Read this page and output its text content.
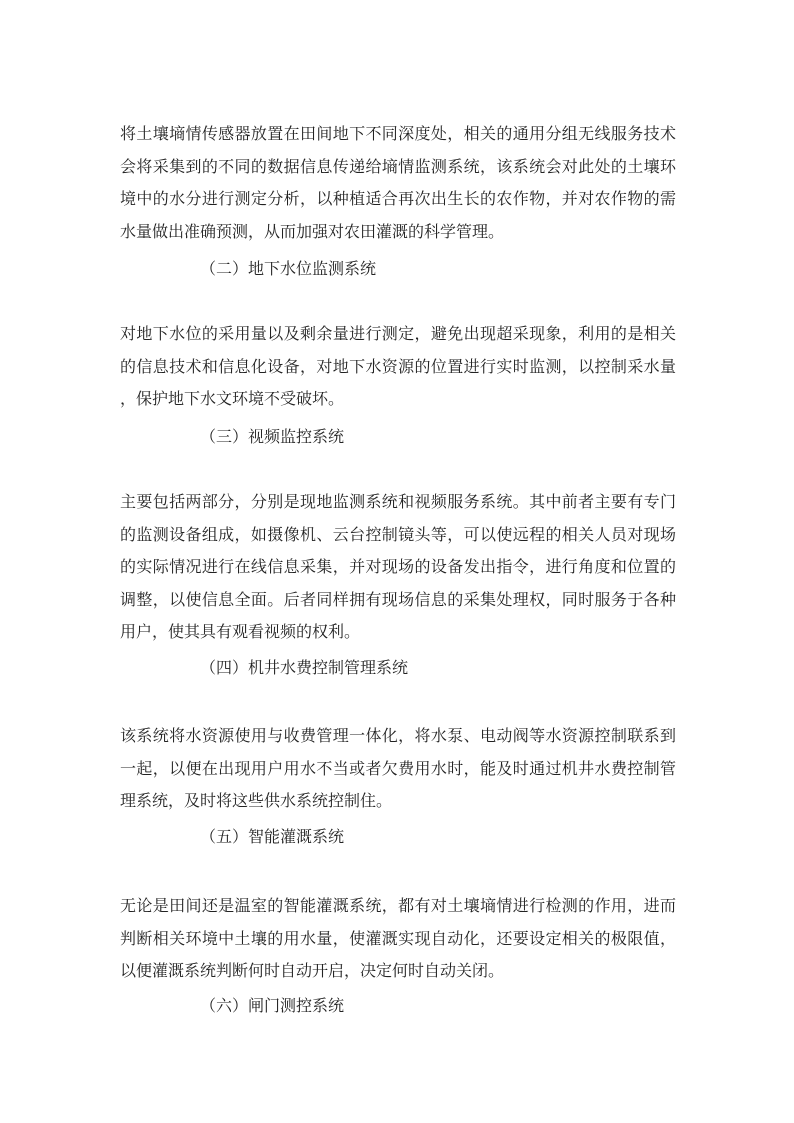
将土壤墒情传感器放置在田间地下不同深度处，相关的通用分组无线服务技术
会将采集到的不同的数据信息传递给墒情监测系统，该系统会对此处的土壤环
境中的水分进行测定分析，以种植适合再次出生长的农作物，并对农作物的需
水量做出准确预测，从而加强对农田灌溉的科学管理。
（二）地下水位监测系统
对地下水位的采用量以及剩余量进行测定，避免出现超采现象，利用的是相关
的信息技术和信息化设备，对地下水资源的位置进行实时监测，以控制采水量
，保护地下水文环境不受破坏。
（三）视频监控系统
主要包括两部分，分别是现地监测系统和视频服务系统。其中前者主要有专门
的监测设备组成，如摄像机、云台控制镜头等，可以使远程的相关人员对现场
的实际情况进行在线信息采集，并对现场的设备发出指令，进行角度和位置的
调整，以使信息全面。后者同样拥有现场信息的采集处理权，同时服务于各种
用户，使其具有观看视频的权利。
（四）机井水费控制管理系统
该系统将水资源使用与收费管理一体化，将水泵、电动阀等水资源控制联系到
一起，以便在出现用户用水不当或者欠费用水时，能及时通过机井水费控制管
理系统，及时将这些供水系统控制住。
（五）智能灌溉系统
无论是田间还是温室的智能灌溉系统，都有对土壤墒情进行检测的作用，进而
判断相关环境中土壤的用水量，使灌溉实现自动化，还要设定相关的极限值，
以便灌溉系统判断何时自动开启，决定何时自动关闭。
（六）闸门测控系统
